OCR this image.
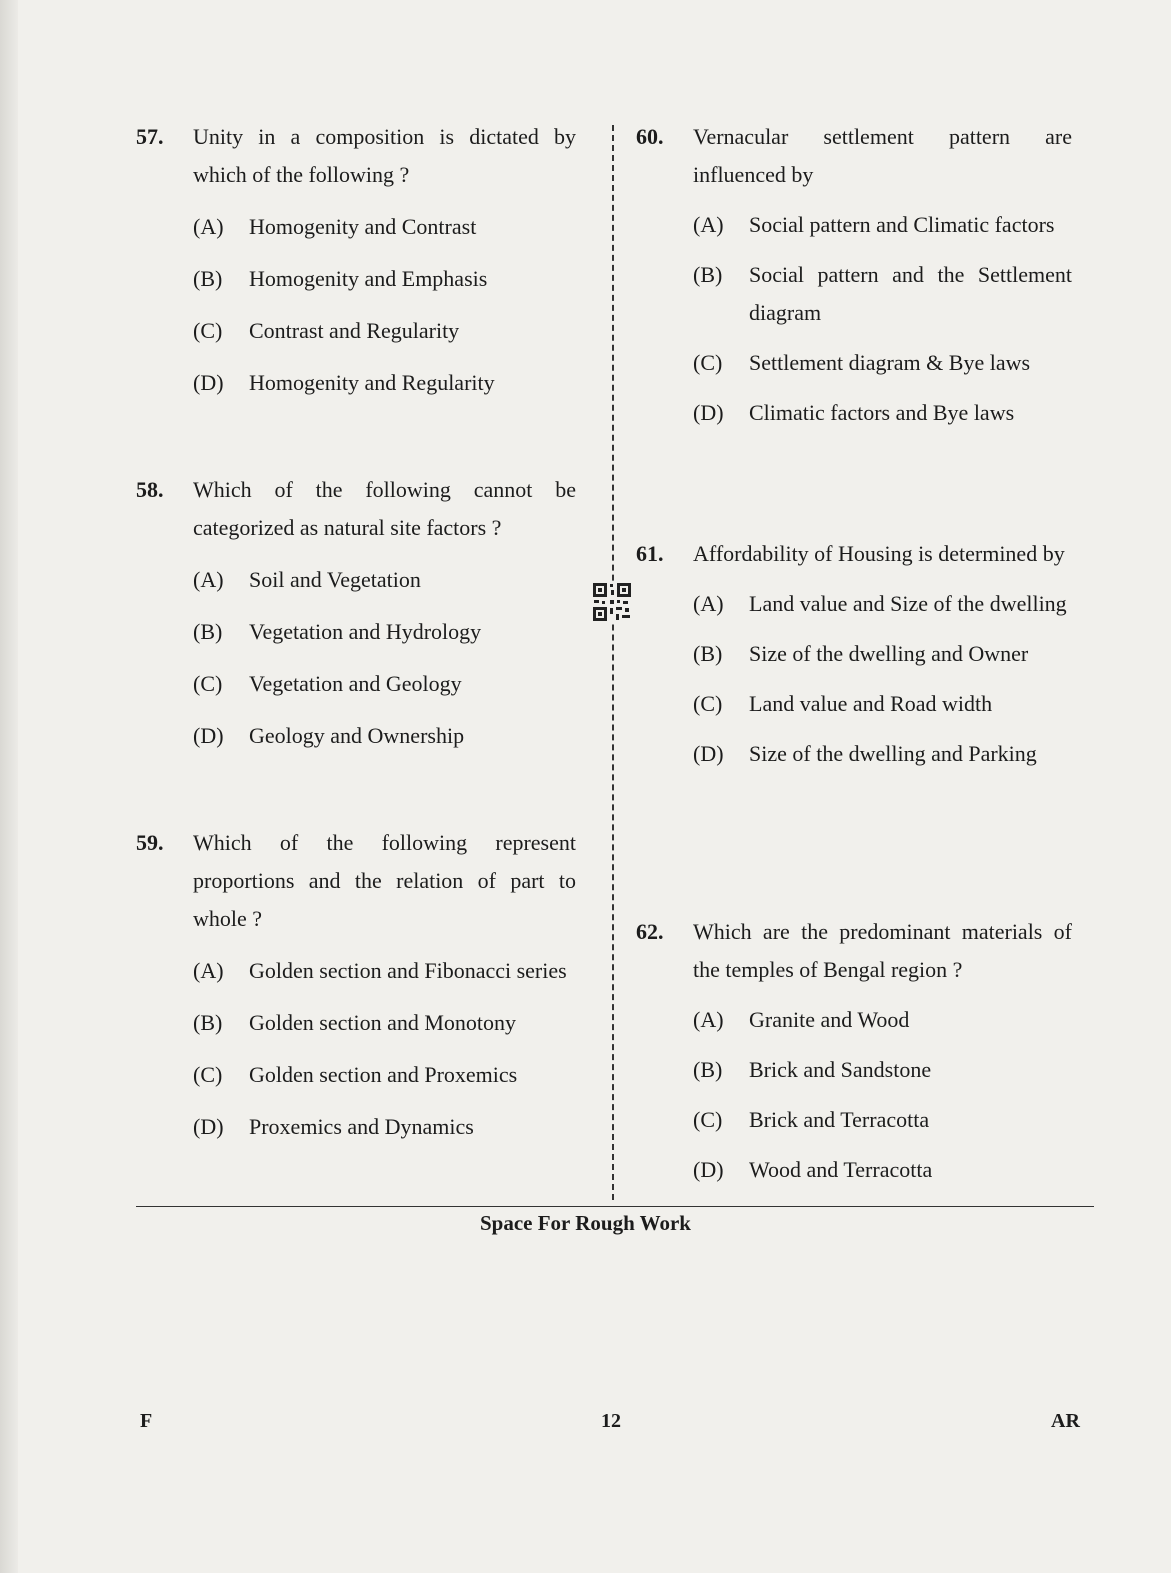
57.	Unity in a composition is dictated by which of the following ?
(A)	Homogenity and Contrast
(B)	Homogenity and Emphasis
(C)	Contrast and Regularity
(D)	Homogenity and Regularity
58.	Which of the following cannot be categorized as natural site factors ?
(A)	Soil and Vegetation
(B)	Vegetation and Hydrology
(C)	Vegetation and Geology
(D)	Geology and Ownership
59.	Which of the following represent proportions and the relation of part to whole ?
(A)	Golden section and Fibonacci series
(B)	Golden section and Monotony
(C)	Golden section and Proxemics
(D)	Proxemics and Dynamics
60.	Vernacular settlement pattern are influenced by
(A)	Social pattern and Climatic factors
(B)	Social pattern and the Settlement diagram
(C)	Settlement diagram & Bye laws
(D)	Climatic factors and Bye laws
61.	Affordability of Housing is determined by
(A)	Land value and Size of the dwelling
(B)	Size of the dwelling and Owner
(C)	Land value and Road width
(D)	Size of the dwelling and Parking
62.	Which are the predominant materials of the temples of Bengal region ?
(A)	Granite and Wood
(B)	Brick and Sandstone
(C)	Brick and Terracotta
(D)	Wood and Terracotta
Space For Rough Work
F	12	AR
